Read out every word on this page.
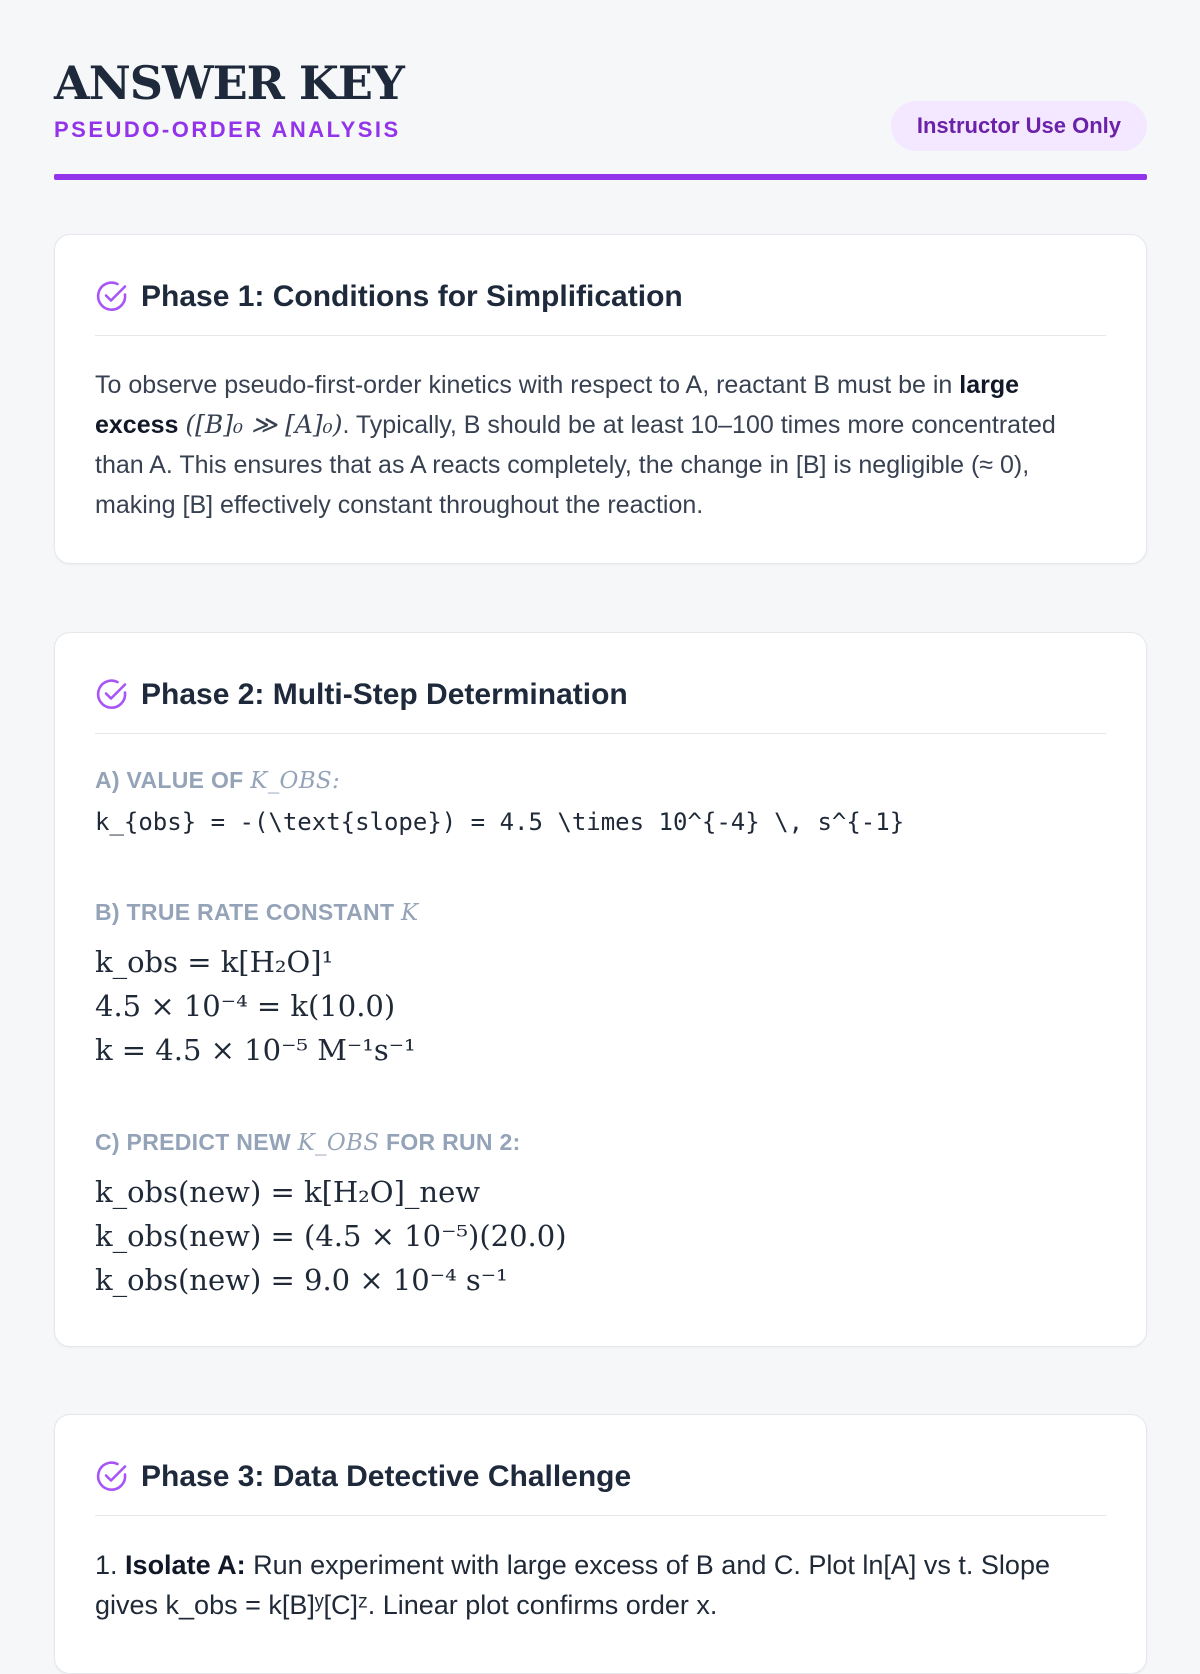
ANSWER KEY
PSEUDO-ORDER ANALYSIS	Instructor Use Only
Phase 1: Conditions for Simplification

To observe pseudo-first-order kinetics with respect to A, reactant B must be in large excess ([B]₀ ≫ [A]₀). Typically, B should be at least 10–100 times more concentrated than A. This ensures that as A reacts completely, the change in [B] is negligible (≈ 0), making [B] effectively constant throughout the reaction.

Phase 2: Multi-Step Determination

A) VALUE OF K_OBS:

k_{obs} = -(\text{slope}) = 4.5 \times 10^{-4} \, s^{-1}

B) TRUE RATE CONSTANT K

k_obs = k[H₂O]¹
4.5 × 10⁻⁴ = k(10.0)
k = 4.5 × 10⁻⁵ M⁻¹s⁻¹

C) PREDICT NEW K_OBS FOR RUN 2:

k_obs(new) = k[H₂O]_new
k_obs(new) = (4.5 × 10⁻⁵)(20.0)
k_obs(new) = 9.0 × 10⁻⁴ s⁻¹
Phase 3: Data Detective Challenge

1. Isolate A: Run experiment with large excess of B and C. Plot ln[A] vs t. Slope gives k_obs = k[B]ʸ[C]ᶻ. Linear plot confirms order x.
